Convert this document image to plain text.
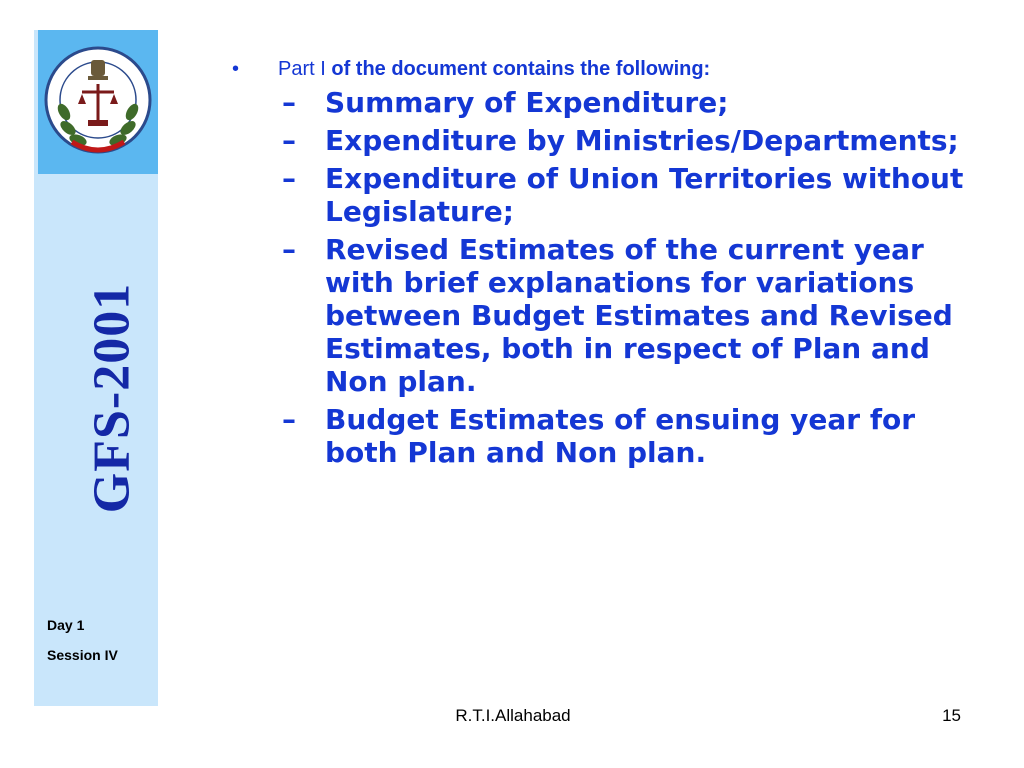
GFS-2001
Day 1
Session IV
• Part I of the document contains the following:
– Summary of Expenditure;
– Expenditure by Ministries/Departments;
– Expenditure of Union Territories without Legislature;
– Revised Estimates of the current year with brief explanations for variations between Budget Estimates and Revised Estimates, both in respect of Plan and Non plan.
– Budget Estimates of ensuing year for both Plan and Non plan.
R.T.I.Allahabad	15
